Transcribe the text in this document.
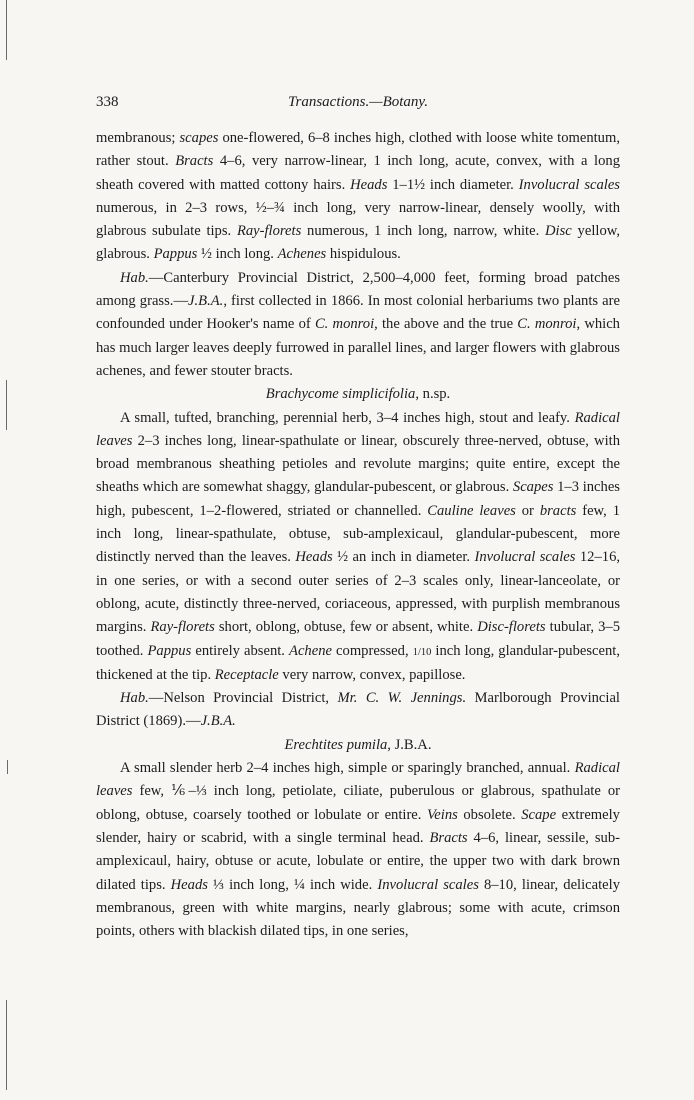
338	Transactions.—Botany.

membranous; scapes one-flowered, 6–8 inches high, clothed with loose white tomentum, rather stout. Bracts 4–6, very narrow-linear, 1 inch long, acute, convex, with a long sheath covered with matted cottony hairs. Heads 1–1½ inch diameter. Involucral scales numerous, in 2–3 rows, ½–¾ inch long, very narrow-linear, densely woolly, with glabrous subulate tips. Ray-florets numerous, 1 inch long, narrow, white. Disc yellow, glabrous. Pappus ½ inch long. Achenes hispidulous.

Hab.—Canterbury Provincial District, 2,500–4,000 feet, forming broad patches among grass.—J.B.A., first collected in 1866. In most colonial herbariums two plants are confounded under Hooker's name of C. monroi, the above and the true C. monroi, which has much larger leaves deeply furrowed in parallel lines, and larger flowers with glabrous achenes, and fewer stouter bracts.

Brachycome simplicifolia, n.sp.

A small, tufted, branching, perennial herb, 3–4 inches high, stout and leafy. Radical leaves 2–3 inches long, linear-spathulate or linear, obscurely three-nerved, obtuse, with broad membranous sheathing petioles and revolute margins; quite entire, except the sheaths which are somewhat shaggy, glandular-pubescent, or glabrous. Scapes 1–3 inches high, pubescent, 1–2-flowered, striated or channelled. Cauline leaves or bracts few, 1 inch long, linear-spathulate, obtuse, sub-amplexicaul, glandular-pubescent, more distinctly nerved than the leaves. Heads ½ an inch in diameter. Involucral scales 12–16, in one series, or with a second outer series of 2–3 scales only, linear-lanceolate, or oblong, acute, distinctly three-nerved, coriaceous, appressed, with purplish membranous margins. Ray-florets short, oblong, obtuse, few or absent, white. Disc-florets tubular, 3–5 toothed. Pappus entirely absent. Achene compressed, 1/10 inch long, glandular-pubescent, thickened at the tip. Receptacle very narrow, convex, papillose.

Hab.—Nelson Provincial District, Mr. C. W. Jennings. Marlborough Provincial District (1869).—J.B.A.

Erechtites pumila, J.B.A.

A small slender herb 2–4 inches high, simple or sparingly branched, annual. Radical leaves few, ⅙–⅓ inch long, petiolate, ciliate, puberulous or glabrous, spathulate or oblong, obtuse, coarsely toothed or lobulate or entire. Veins obsolete. Scape extremely slender, hairy or scabrid, with a single terminal head. Bracts 4–6, linear, sessile, sub-amplexicaul, hairy, obtuse or acute, lobulate or entire, the upper two with dark brown dilated tips. Heads ⅓ inch long, ¼ inch wide. Involucral scales 8–10, linear, delicately membranous, green with white margins, nearly glabrous; some with acute, crimson points, others with blackish dilated tips, in one series,
